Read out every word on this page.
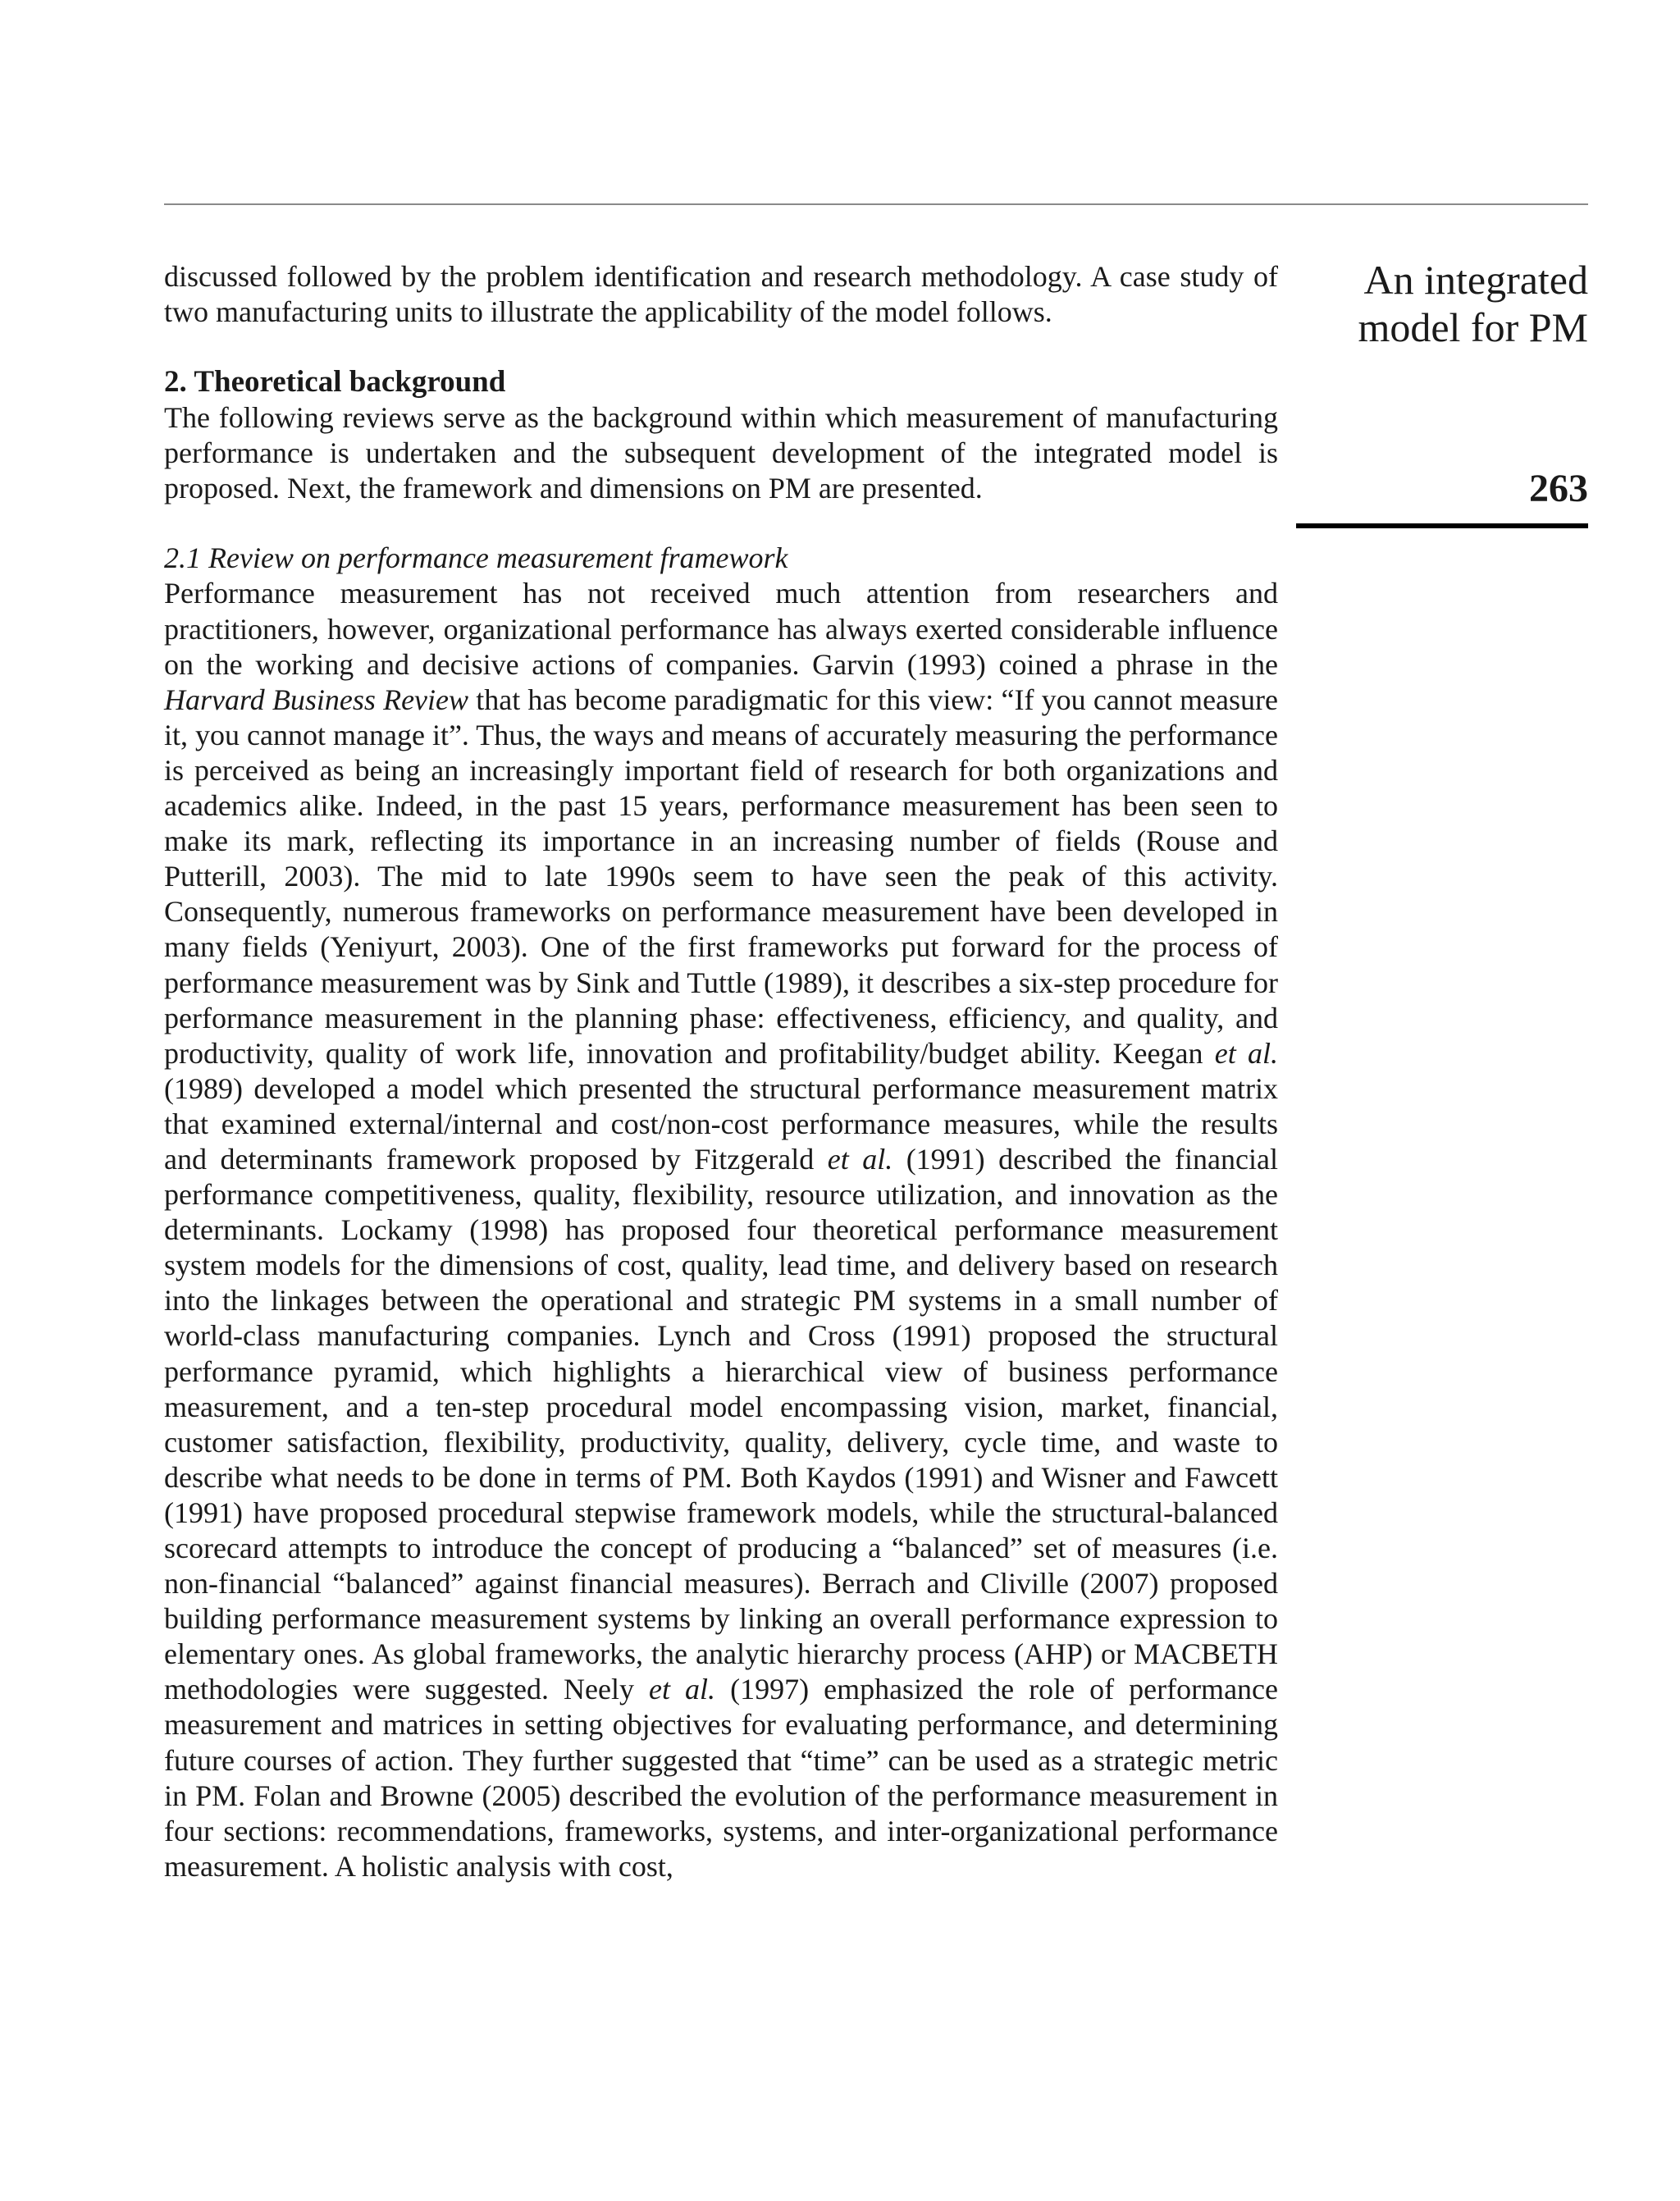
An integrated
model for PM
263

discussed followed by the problem identification and research methodology. A case study of two manufacturing units to illustrate the applicability of the model follows.

2. Theoretical background

The following reviews serve as the background within which measurement of manufacturing performance is undertaken and the subsequent development of the integrated model is proposed. Next, the framework and dimensions on PM are presented.

2.1 Review on performance measurement framework

Performance measurement has not received much attention from researchers and practitioners, however, organizational performance has always exerted considerable influence on the working and decisive actions of companies. Garvin (1993) coined a phrase in the Harvard Business Review that has become paradigmatic for this view: “If you cannot measure it, you cannot manage it”. Thus, the ways and means of accurately measuring the performance is perceived as being an increasingly important field of research for both organizations and academics alike. Indeed, in the past 15 years, performance measurement has been seen to make its mark, reflecting its importance in an increasing number of fields (Rouse and Putterill, 2003). The mid to late 1990s seem to have seen the peak of this activity. Consequently, numerous frameworks on performance measurement have been developed in many fields (Yeniyurt, 2003). One of the first frameworks put forward for the process of performance measurement was by Sink and Tuttle (1989), it describes a six-step procedure for performance measurement in the planning phase: effectiveness, efficiency, and quality, and productivity, quality of work life, innovation and profitability/budget ability. Keegan et al. (1989) developed a model which presented the structural performance measurement matrix that examined external/internal and cost/non-cost performance measures, while the results and determinants framework proposed by Fitzgerald et al. (1991) described the financial performance competitiveness, quality, flexibility, resource utilization, and innovation as the determinants. Lockamy (1998) has proposed four theoretical performance measurement system models for the dimensions of cost, quality, lead time, and delivery based on research into the linkages between the operational and strategic PM systems in a small number of world-class manufacturing companies. Lynch and Cross (1991) proposed the structural performance pyramid, which highlights a hierarchical view of business performance measurement, and a ten-step procedural model encompassing vision, market, financial, customer satisfaction, flexibility, productivity, quality, delivery, cycle time, and waste to describe what needs to be done in terms of PM. Both Kaydos (1991) and Wisner and Fawcett (1991) have proposed procedural stepwise framework models, while the structural-balanced scorecard attempts to introduce the concept of producing a “balanced” set of measures (i.e. non-financial “balanced” against financial measures). Berrach and Cliville (2007) proposed building performance measurement systems by linking an overall performance expression to elementary ones. As global frameworks, the analytic hierarchy process (AHP) or MACBETH methodologies were suggested. Neely et al. (1997) emphasized the role of performance measurement and matrices in setting objectives for evaluating performance, and determining future courses of action. They further suggested that “time” can be used as a strategic metric in PM. Folan and Browne (2005) described the evolution of the performance measurement in four sections: recommendations, frameworks, systems, and inter-organizational performance measurement. A holistic analysis with cost,
